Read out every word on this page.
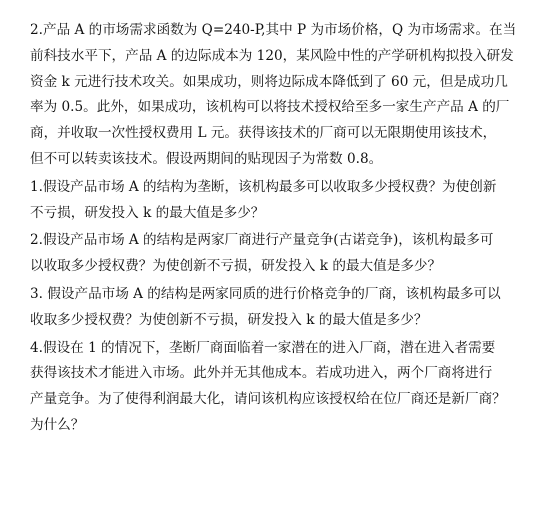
2.产品 A 的市场需求函数为 Q=240-P,其中 P 为市场价格，Q 为市场需求。在当
前科技水平下，产品 A 的边际成本为 120，某风险中性的产学研机构拟投入研发
资金 k 元进行技术攻关。如果成功，则将边际成本降低到了 60 元，但是成功几
率为 0.5。此外，如果成功，该机构可以将技术授权给至多一家生产产品 A 的厂
商，并收取一次性授权费用 L 元。获得该技术的厂商可以无限期使用该技术，
但不可以转卖该技术。假设两期间的贴现因子为常数 0.8。
1.假设产品市场 A 的结构为垄断，该机构最多可以收取多少授权费？为使创新
不亏损，研发投入 k 的最大值是多少？
2.假设产品市场 A 的结构是两家厂商进行产量竞争(古诺竞争)，该机构最多可
以收取多少授权费？为使创新不亏损，研发投入 k 的最大值是多少？
3. 假设产品市场 A 的结构是两家同质的进行价格竞争的厂商，该机构最多可以
收取多少授权费？为使创新不亏损，研发投入 k 的最大值是多少？
4.假设在 1 的情况下，垄断厂商面临着一家潜在的进入厂商，潜在进入者需要
获得该技术才能进入市场。此外并无其他成本。若成功进入，两个厂商将进行
产量竞争。为了使得利润最大化，请问该机构应该授权给在位厂商还是新厂商？
为什么？
